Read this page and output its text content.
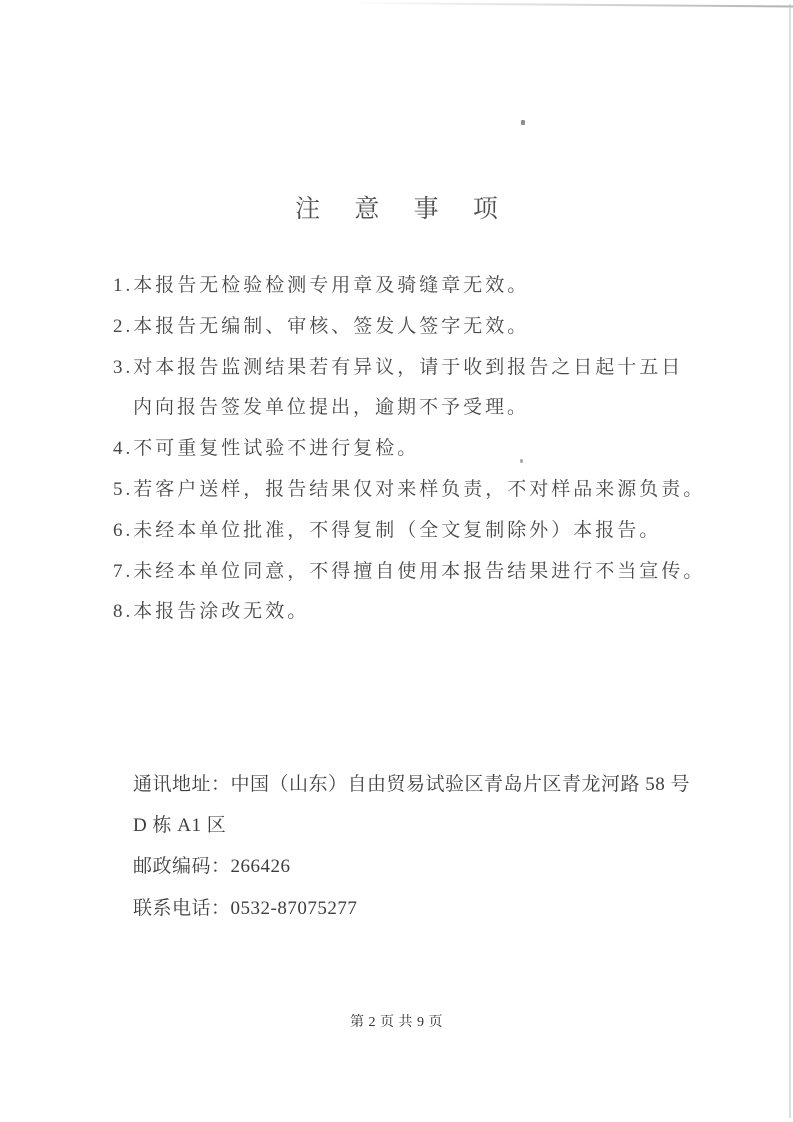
注 意 事 项
1.本报告无检验检测专用章及骑缝章无效。
2.本报告无编制、审核、签发人签字无效。
3.对本报告监测结果若有异议，请于收到报告之日起十五日
内向报告签发单位提出，逾期不予受理。
4.不可重复性试验不进行复检。
5.若客户送样，报告结果仅对来样负责，不对样品来源负责。
6.未经本单位批准，不得复制（全文复制除外）本报告。
7.未经本单位同意，不得擅自使用本报告结果进行不当宣传。
8.本报告涂改无效。
通讯地址：中国（山东）自由贸易试验区青岛片区青龙河路 58 号
D 栋 A1 区
邮政编码：266426
联系电话：0532-87075277
第 2 页 共 9 页
